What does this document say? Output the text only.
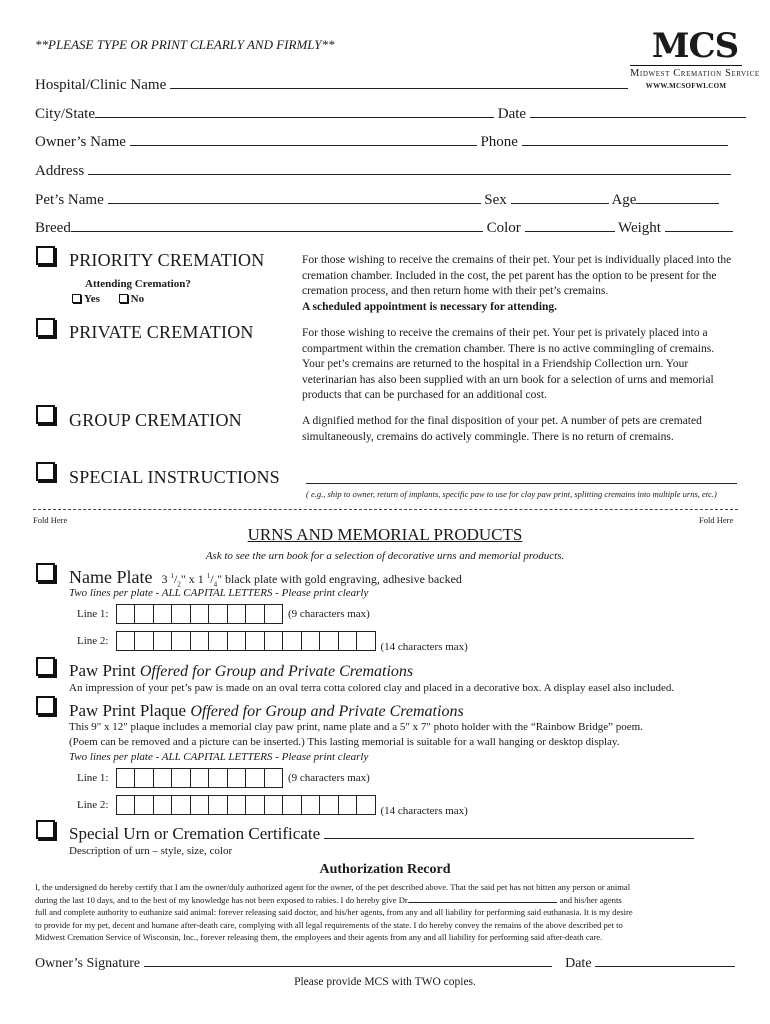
**PLEASE TYPE OR PRINT CLEARLY AND FIRMLY**	MCS
Midwest Cremation Service
WWW.MCSOFWI.COM
Hospital/Clinic Name
City/State	Date
Owner’s Name	Phone
Address
Pet’s Name	Sex	Age
Breed	Color	Weight
PRIORITY CREMATION
Attending Cremation?
Yes	No
For those wishing to receive the cremains of their pet. Your pet is individually placed into the cremation chamber. Included in the cost, the pet parent has the option to be present for the cremation process, and then return home with their pet’s cremains.
A scheduled appointment is necessary for attending.
PRIVATE CREMATION	For those wishing to receive the cremains of their pet. Your pet is privately placed into a compartment within the cremation chamber. There is no active commingling of cremains. Your pet’s cremains are returned to the hospital in a Friendship Collection urn. Your veterinarian has also been supplied with an urn book for a selection of urns and memorial products that can be purchased for an additional cost.
GROUP CREMATION	A dignified method for the final disposition of your pet. A number of pets are cremated simultaneously, cremains do actively commingle. There is no return of cremains.
SPECIAL INSTRUCTIONS
( e.g., ship to owner, return of implants, specific paw to use for clay paw print, splitting cremains into multiple urns, etc.)
Fold Here	Fold Here
URNS AND MEMORIAL PRODUCTS
Ask to see the urn book for a selection of decorative urns and memorial products.
Name Plate 3 $^1/_2$" x 1 $^1/_4$" black plate with gold engraving, adhesive backed
Two lines per plate - ALL CAPITAL LETTERS - Please print clearly
Line 1:	(9 characters max)
Line 2:	(14 characters max)
Paw Print Offered for Group and Private Cremations
An impression of your pet’s paw is made on an oval terra cotta colored clay and placed in a decorative box. A display easel also included.
Paw Print Plaque Offered for Group and Private Cremations
This 9" x 12" plaque includes a memorial clay paw print, name plate and a 5" x 7" photo holder with the “Rainbow Bridge” poem.
(Poem can be removed and a picture can be inserted.) This lasting memorial is suitable for a wall hanging or desktop display.
Two lines per plate - ALL CAPITAL LETTERS - Please print clearly
Line 1:	(9 characters max)
Line 2:	(14 characters max)
Special Urn or Cremation Certificate
Description of urn – style, size, color
Authorization Record
I, the undersigned do hereby certify that I am the owner/duly authorized agent for the owner, of the pet described above. That the said pet has not bitten any person or animal
during the last 10 days, and to the best of my knowledge has not been exposed to rabies. I do hereby give Dr.	and his/her agents
full and complete authority to euthanize said animal: forever releasing said doctor, and his/her agents, from any and all liability for performing said euthanasia. It is my desire
to provide for my pet, decent and humane after-death care, complying with all legal requirements of the state. I do hereby convey the remains of the above described pet to
Midwest Cremation Service of Wisconsin, Inc., forever releasing them, the employees and their agents from any and all liability for performing said after-death care.
Owner’s Signature	Date
Please provide MCS with TWO copies.
